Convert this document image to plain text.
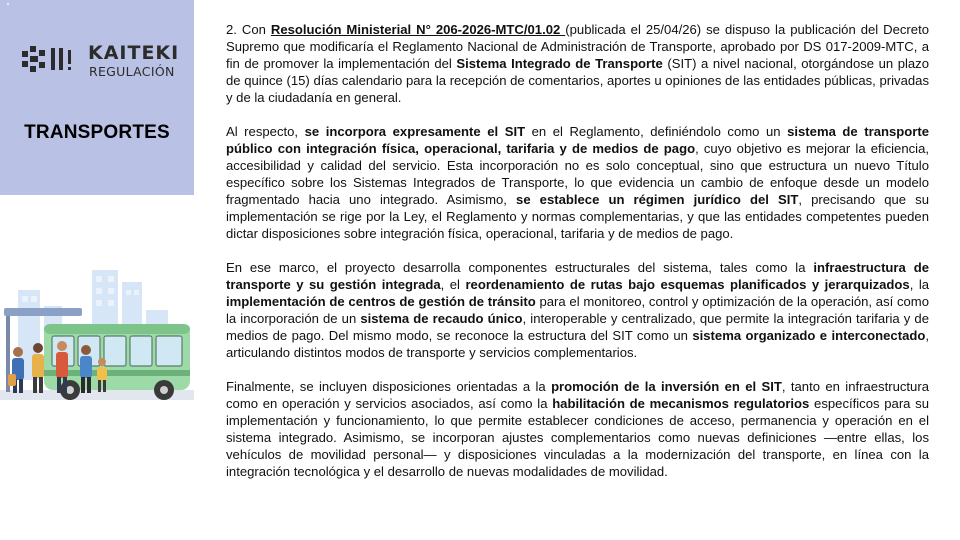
KAITEKI
REGULACIÓN
TRANSPORTES

2. Con Resolución Ministerial N° 206-2026-MTC/01.02 (publicada el 25/04/26) se dispuso la publicación del Decreto Supremo que modificaría el Reglamento Nacional de Administración de Transporte, aprobado por DS 017-2009-MTC, a fin de promover la implementación del Sistema Integrado de Transporte (SIT) a nivel nacional, otorgándose un plazo de quince (15) días calendario para la recepción de comentarios, aportes u opiniones de las entidades públicas, privadas y de la ciudadanía en general.

Al respecto, se incorpora expresamente el SIT en el Reglamento, definiéndolo como un sistema de transporte público con integración física, operacional, tarifaria y de medios de pago, cuyo objetivo es mejorar la eficiencia, accesibilidad y calidad del servicio. Esta incorporación no es solo conceptual, sino que estructura un nuevo Título específico sobre los Sistemas Integrados de Transporte, lo que evidencia un cambio de enfoque desde un modelo fragmentado hacia uno integrado. Asimismo, se establece un régimen jurídico del SIT, precisando que su implementación se rige por la Ley, el Reglamento y normas complementarias, y que las entidades competentes pueden dictar disposiciones sobre integración física, operacional, tarifaria y de medios de pago.

En ese marco, el proyecto desarrolla componentes estructurales del sistema, tales como la infraestructura de transporte y su gestión integrada, el reordenamiento de rutas bajo esquemas planificados y jerarquizados, la implementación de centros de gestión de tránsito para el monitoreo, control y optimización de la operación, así como la incorporación de un sistema de recaudo único, interoperable y centralizado, que permite la integración tarifaria y de medios de pago. Del mismo modo, se reconoce la estructura del SIT como un sistema organizado e interconectado, articulando distintos modos de transporte y servicios complementarios.

Finalmente, se incluyen disposiciones orientadas a la promoción de la inversión en el SIT, tanto en infraestructura como en operación y servicios asociados, así como la habilitación de mecanismos regulatorios específicos para su implementación y funcionamiento, lo que permite establecer condiciones de acceso, permanencia y operación en el sistema integrado. Asimismo, se incorporan ajustes complementarios como nuevas definiciones —entre ellas, los vehículos de movilidad personal— y disposiciones vinculadas a la modernización del transporte, en línea con la integración tecnológica y el desarrollo de nuevas modalidades de movilidad.
